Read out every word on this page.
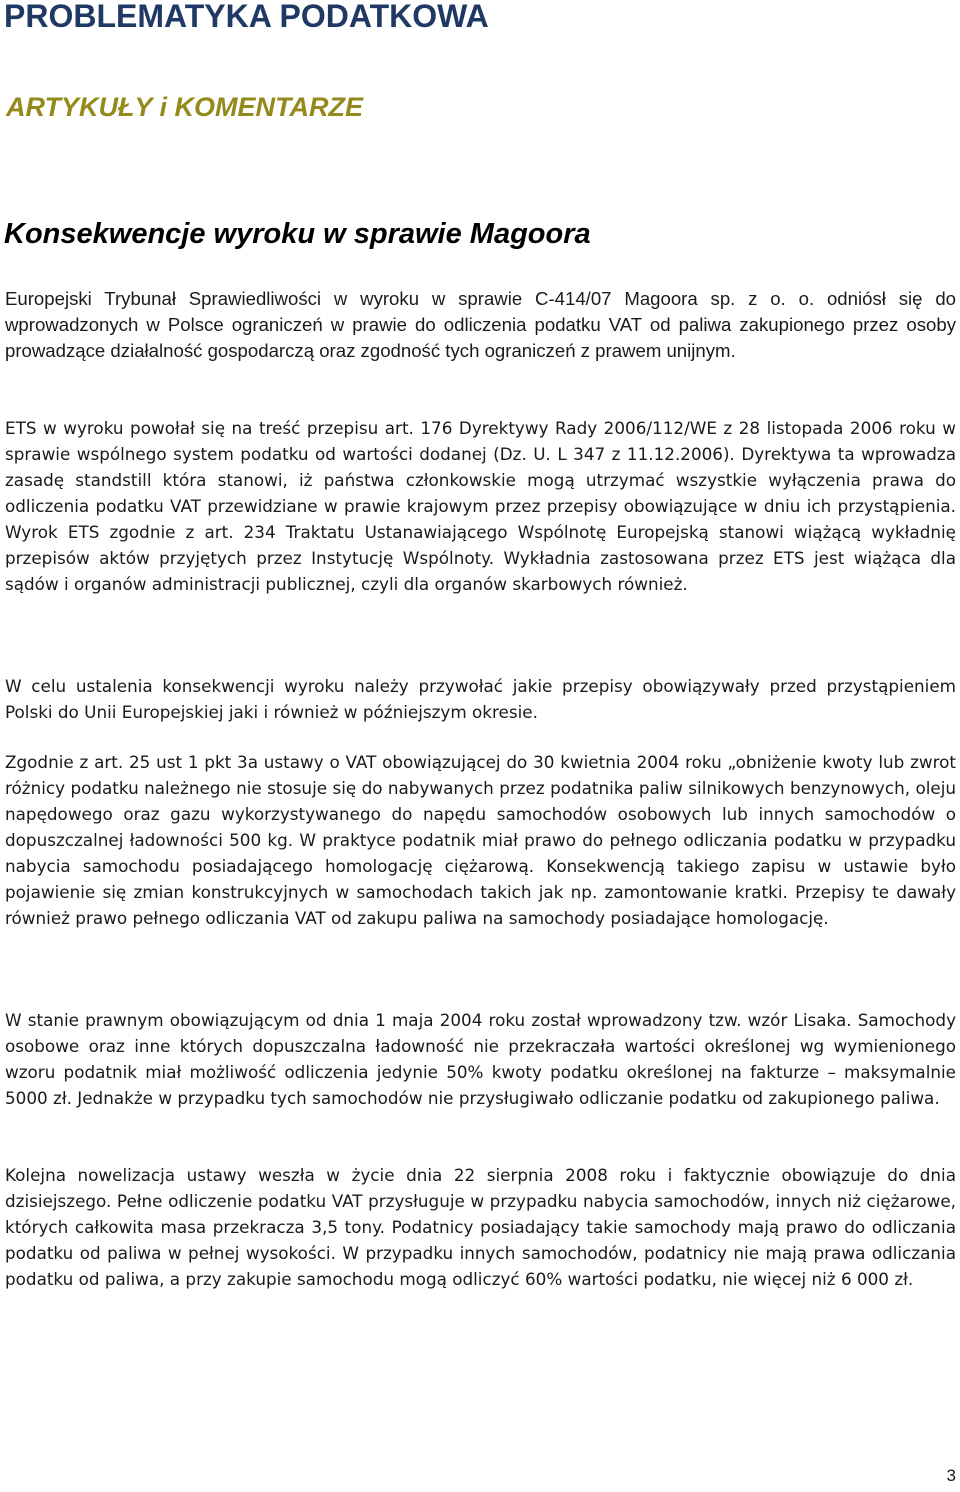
PROBLEMATYKA PODATKOWA
ARTYKUŁY i KOMENTARZE
Konsekwencje wyroku w sprawie Magoora

Europejski Trybunał Sprawiedliwości w wyroku w sprawie C-414/07 Magoora sp. z o. o. odniósł się do wprowadzonych w Polsce ograniczeń w prawie do odliczenia podatku VAT od paliwa zakupionego przez osoby prowadzące działalność gospodarczą oraz zgodność tych ograniczeń z prawem unijnym.

ETS w wyroku powołał się na treść przepisu art. 176 Dyrektywy Rady 2006/112/WE z 28 listopada 2006 roku w sprawie wspólnego system podatku od wartości dodanej (Dz. U. L 347 z 11.12.2006). Dyrektywa ta wprowadza zasadę standstill która stanowi, iż państwa członkowskie mogą utrzymać wszystkie wyłączenia prawa do odliczenia podatku VAT przewidziane w prawie krajowym przez przepisy obowiązujące w dniu ich przystąpienia. Wyrok ETS zgodnie z art. 234 Traktatu Ustanawiającego Wspólnotę Europejską stanowi wiążącą wykładnię przepisów aktów przyjętych przez Instytucję Wspólnoty. Wykładnia zastosowana przez ETS jest wiążąca dla sądów i organów administracji publicznej, czyli dla organów skarbowych również.

W celu ustalenia konsekwencji wyroku należy przywołać jakie przepisy obowiązywały przed przystąpieniem Polski do Unii Europejskiej jaki i również w późniejszym okresie.

Zgodnie z art. 25 ust 1 pkt 3a ustawy o VAT obowiązującej do 30 kwietnia 2004 roku „obniżenie kwoty lub zwrot różnicy podatku należnego nie stosuje się do nabywanych przez podatnika paliw silnikowych benzynowych, oleju napędowego oraz gazu wykorzystywanego do napędu samochodów osobowych lub innych samochodów o dopuszczalnej ładowności 500 kg. W praktyce podatnik miał prawo do pełnego odliczania podatku w przypadku nabycia samochodu posiadającego homologację ciężarową. Konsekwencją takiego zapisu w ustawie było pojawienie się zmian konstrukcyjnych w samochodach takich jak np. zamontowanie kratki. Przepisy te dawały również prawo pełnego odliczania VAT od zakupu paliwa na samochody posiadające homologację.

W stanie prawnym obowiązującym od dnia 1 maja 2004 roku został wprowadzony tzw. wzór Lisaka. Samochody osobowe oraz inne których dopuszczalna ładowność nie przekraczała wartości określonej wg wymienionego wzoru podatnik miał możliwość odliczenia jedynie 50% kwoty podatku określonej na fakturze – maksymalnie 5000 zł. Jednakże w przypadku tych samochodów nie przysługiwało odliczanie podatku od zakupionego paliwa.

Kolejna nowelizacja ustawy weszła w życie dnia 22 sierpnia 2008 roku i faktycznie obowiązuje do dnia dzisiejszego. Pełne odliczenie podatku VAT przysługuje w przypadku nabycia samochodów, innych niż ciężarowe, których całkowita masa przekracza 3,5 tony. Podatnicy posiadający takie samochody mają prawo do odliczania podatku od paliwa w pełnej wysokości. W przypadku innych samochodów, podatnicy nie mają prawa odliczania podatku od paliwa, a przy zakupie samochodu mogą odliczyć 60% wartości podatku, nie więcej niż 6 000 zł.

3
